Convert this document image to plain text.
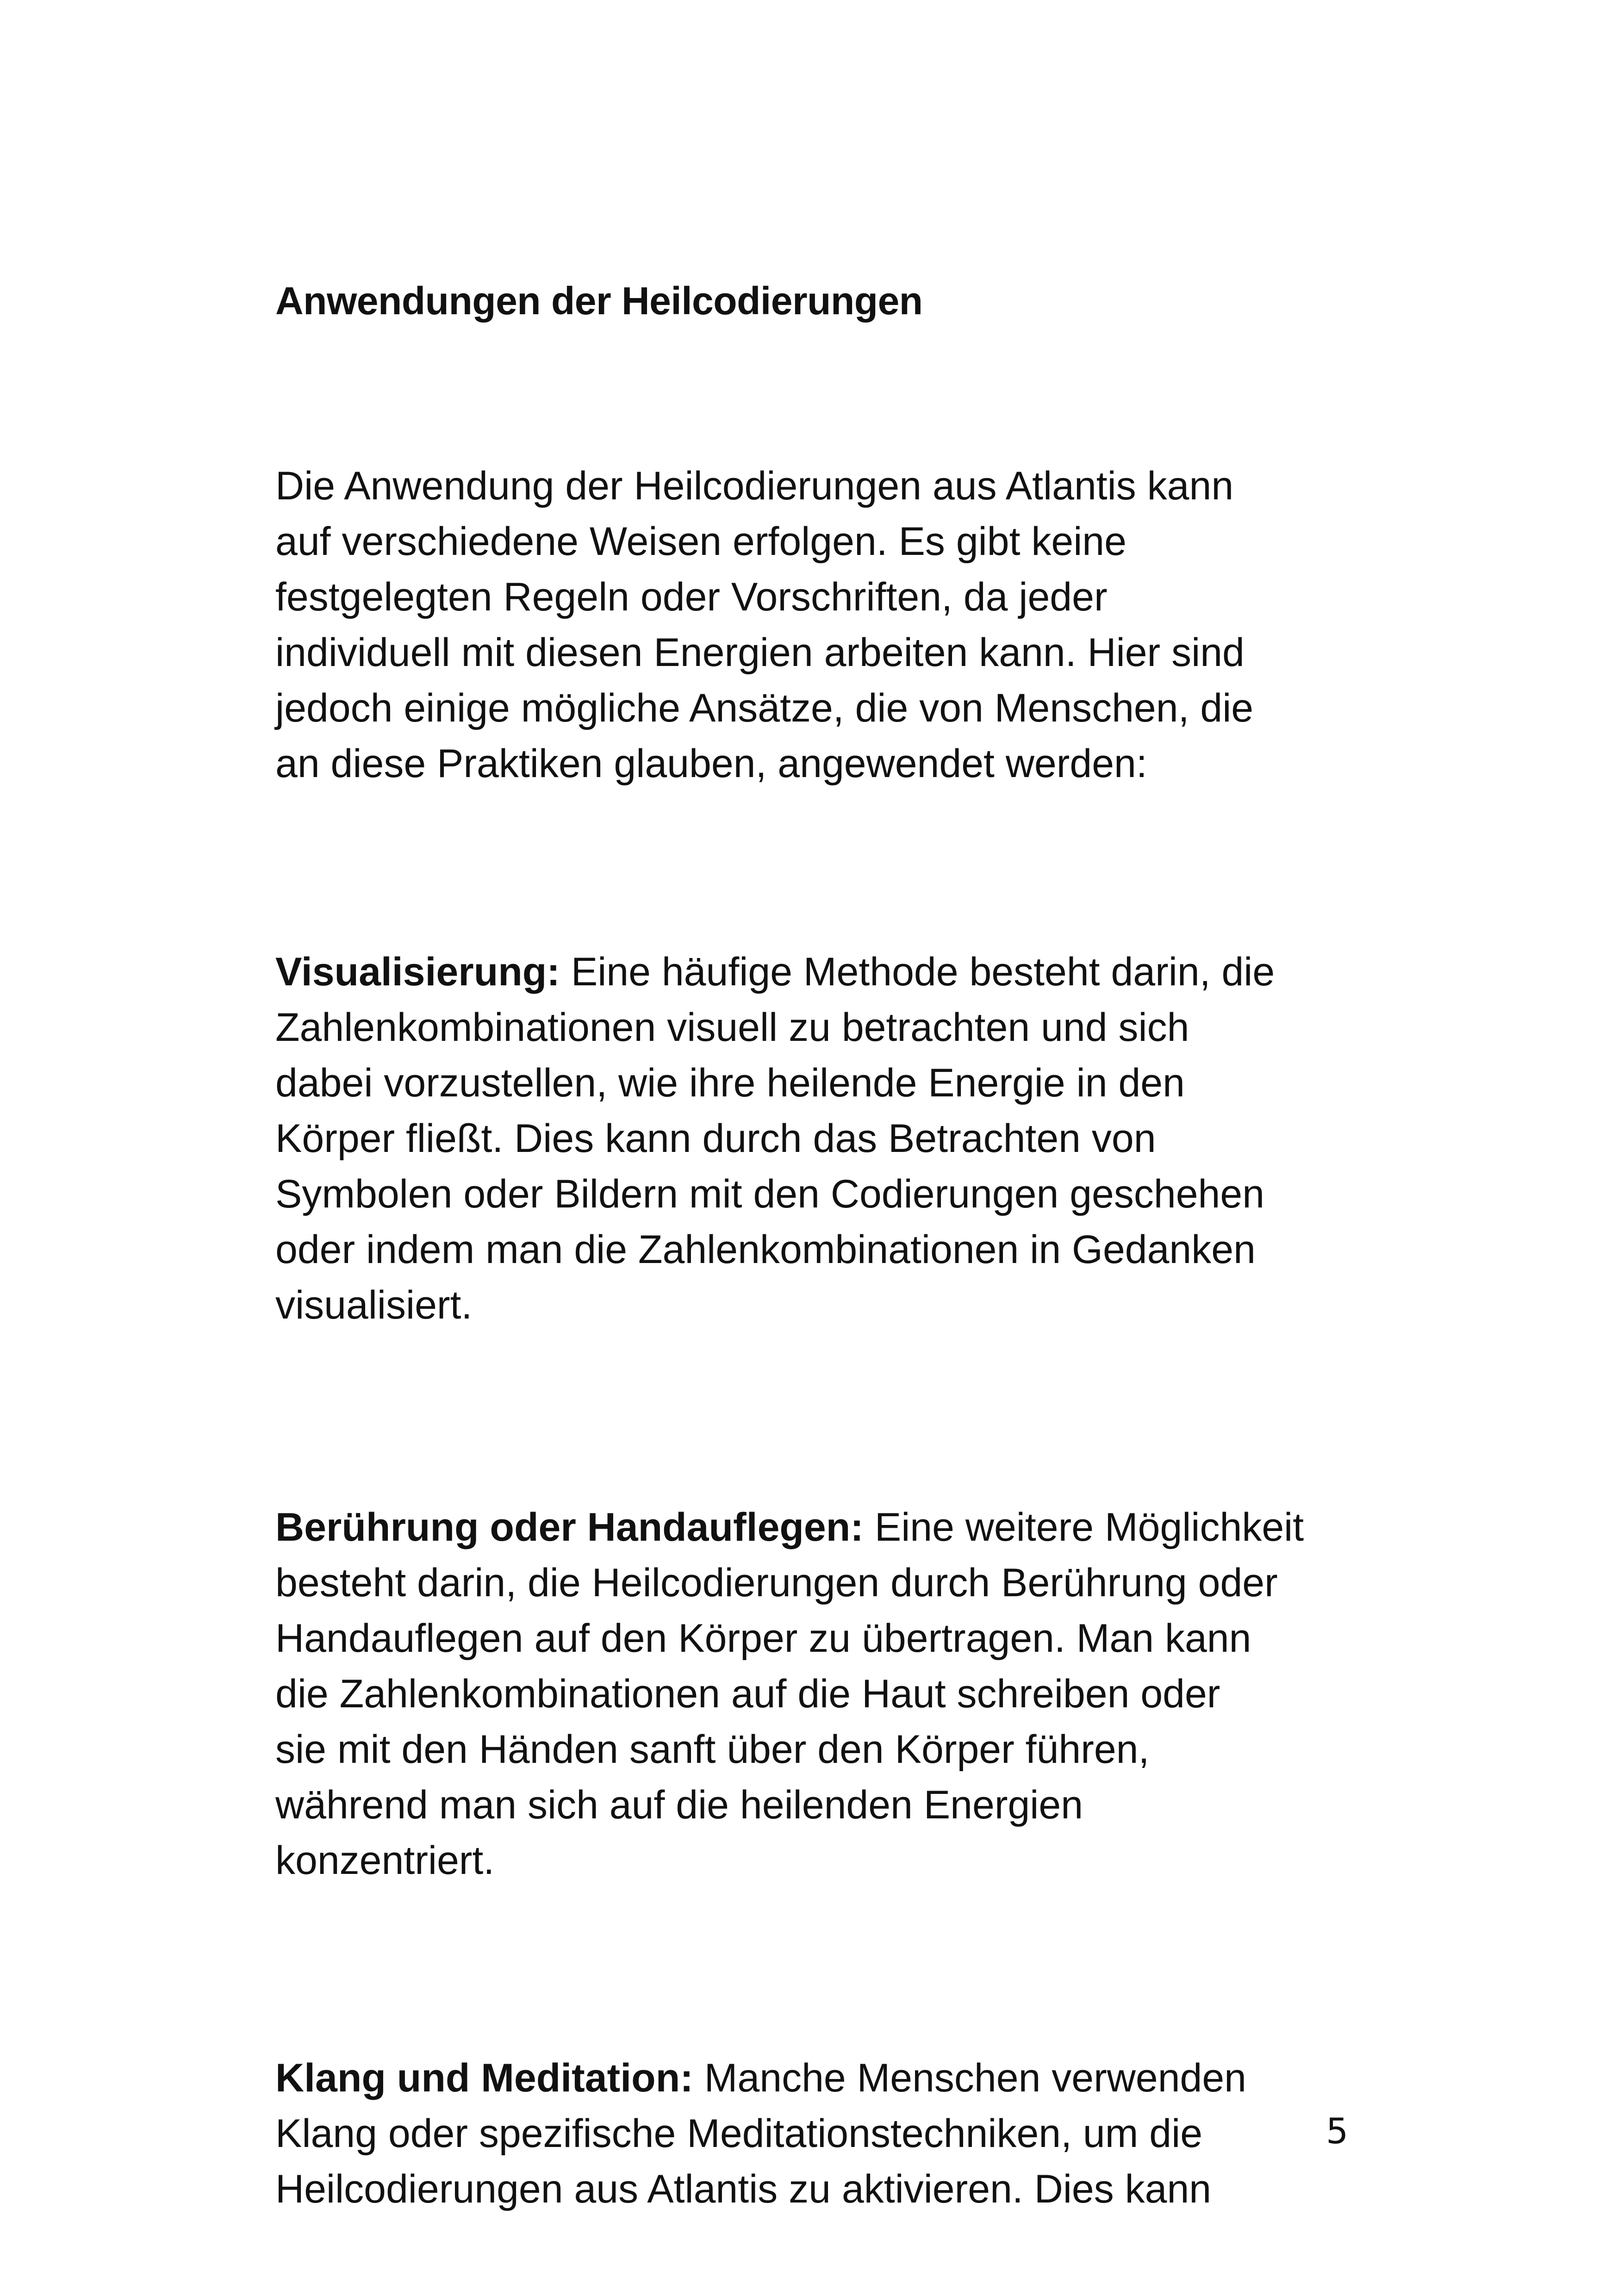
Anwendungen der Heilcodierungen

Die Anwendung der Heilcodierungen aus Atlantis kann
auf verschiedene Weisen erfolgen. Es gibt keine
festgelegten Regeln oder Vorschriften, da jeder
individuell mit diesen Energien arbeiten kann. Hier sind
jedoch einige mögliche Ansätze, die von Menschen, die
an diese Praktiken glauben, angewendet werden:

Visualisierung: Eine häufige Methode besteht darin, die
Zahlenkombinationen visuell zu betrachten und sich
dabei vorzustellen, wie ihre heilende Energie in den
Körper fließt. Dies kann durch das Betrachten von
Symbolen oder Bildern mit den Codierungen geschehen
oder indem man die Zahlenkombinationen in Gedanken
visualisiert.

Berührung oder Handauflegen: Eine weitere Möglichkeit
besteht darin, die Heilcodierungen durch Berührung oder
Handauflegen auf den Körper zu übertragen. Man kann
die Zahlenkombinationen auf die Haut schreiben oder
sie mit den Händen sanft über den Körper führen,
während man sich auf die heilenden Energien
konzentriert.

Klang und Meditation: Manche Menschen verwenden
Klang oder spezifische Meditationstechniken, um die
Heilcodierungen aus Atlantis zu aktivieren. Dies kann

5
